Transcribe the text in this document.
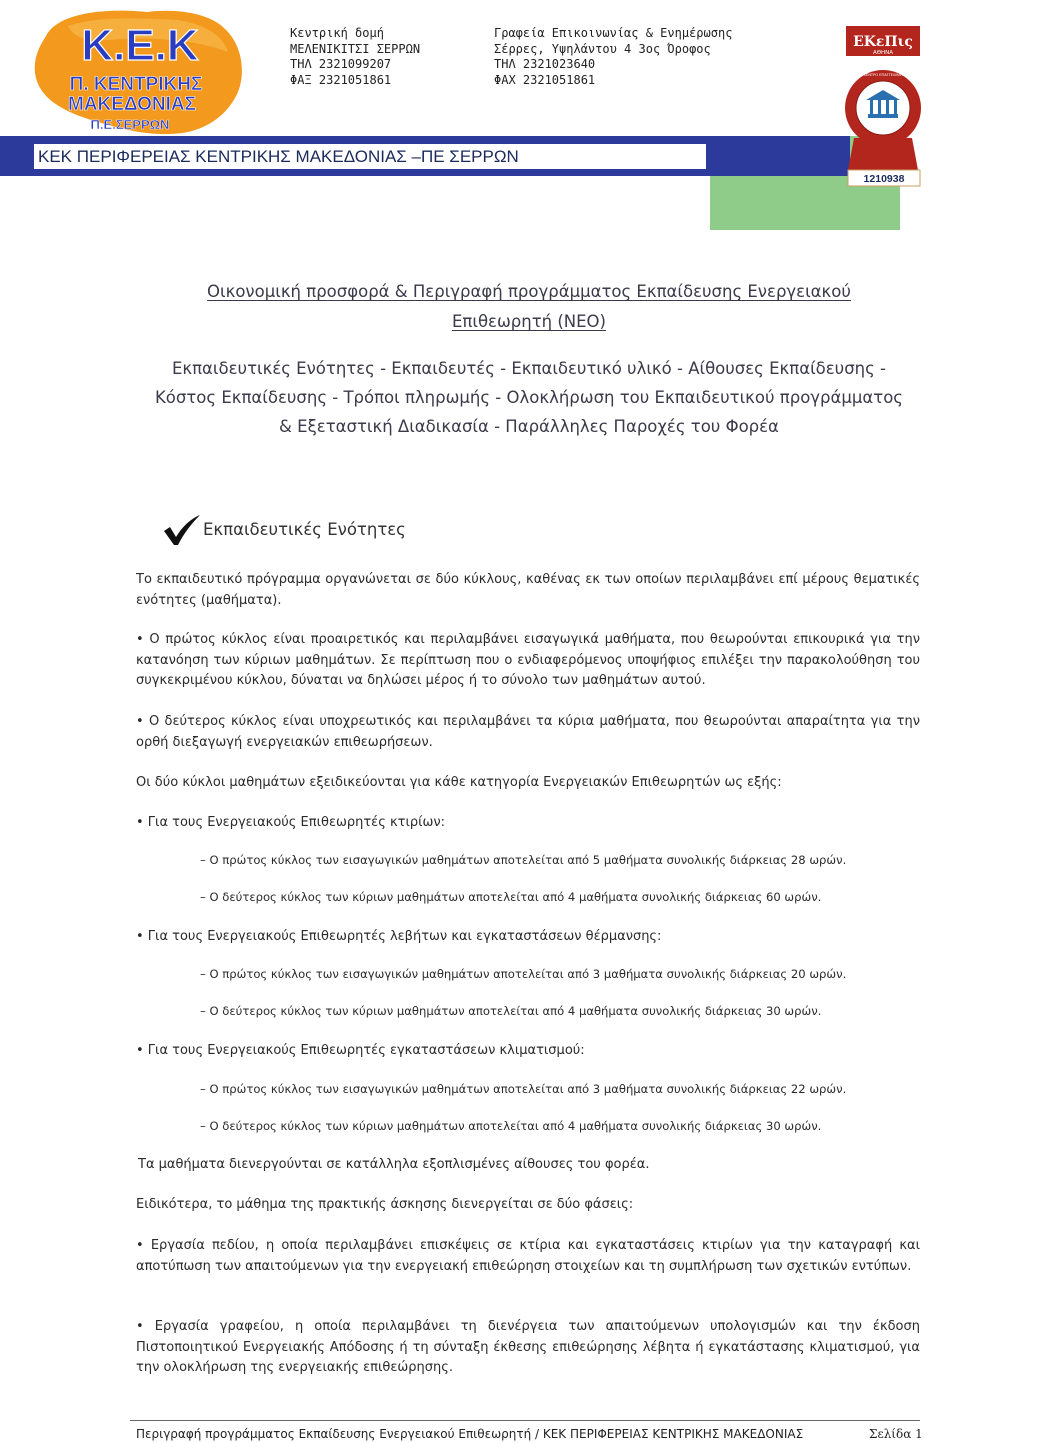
Κ.Ε.Κ
Π. ΚΕΝΤΡΙΚΗΣ
ΜΑΚΕΔΟΝΙΑΣ
Π.Ε.ΣΕΡΡΩΝ
Κεντρική δομή
ΜΕΛΕΝΙΚΙΤΣΙ ΣΕΡΡΩΝ
ΤΗΛ 2321099207
ΦΑΞ 2321051861
Γραφεία Επικοινωνίας & Ενημέρωσης
Σέρρες, Υψηλάντου 4 3ος Όροφος
ΤΗΛ 2321023640
ΦΑΧ 2321051861
ΚΕΚ ΠΕΡΙΦΕΡΕΙΑΣ ΚΕΝΤΡΙΚΗΣ ΜΑΚΕΔΟΝΙΑΣ –ΠΕ ΣΕΡΡΩΝ
ΕΚεΠις
ΑΘΗΝΑ
ΠΙΣΤΟΠΟΙΗΜΕΝΟ ΚΕΝΤΡΟ ΕΠΑΓΓΕΛΜΑΤΙΚΗΣ ΚΑΤΑΡΤΙΣΗΣ
1210938
Οικονομική προσφορά & Περιγραφή προγράμματος Εκπαίδευσης Ενεργειακού
Επιθεωρητή (ΝΕΟ)
Εκπαιδευτικές Ενότητες - Εκπαιδευτές - Εκπαιδευτικό υλικό - Αίθουσες Εκπαίδευσης -
Κόστος Εκπαίδευσης - Τρόποι πληρωμής - Ολοκλήρωση του Εκπαιδευτικού προγράμματος
& Εξεταστική Διαδικασία - Παράλληλες Παροχές του Φορέα
Εκπαιδευτικές Ενότητες

Το εκπαιδευτικό πρόγραμμα οργανώνεται σε δύο κύκλους, καθένας εκ των οποίων περιλαμβάνει επί μέρους θεματικές ενότητες (μαθήματα).

• Ο πρώτος κύκλος είναι προαιρετικός και περιλαμβάνει εισαγωγικά μαθήματα, που θεωρούνται επικουρικά για την κατανόηση των κύριων μαθημάτων. Σε περίπτωση που ο ενδιαφερόμενος υποψήφιος επιλέξει την παρακολούθηση του συγκεκριμένου κύκλου, δύναται να δηλώσει μέρος ή το σύνολο των μαθημάτων αυτού.

• Ο δεύτερος κύκλος είναι υποχρεωτικός και περιλαμβάνει τα κύρια μαθήματα, που θεωρούνται απαραίτητα για την ορθή διεξαγωγή ενεργειακών επιθεωρήσεων.

Οι δύο κύκλοι μαθημάτων εξειδικεύονται για κάθε κατηγορία Ενεργειακών Επιθεωρητών ως εξής:

• Για τους Ενεργειακούς Επιθεωρητές κτιρίων:
– Ο πρώτος κύκλος των εισαγωγικών μαθημάτων αποτελείται από 5 μαθήματα συνολικής διάρκειας 28 ωρών.
– Ο δεύτερος κύκλος των κύριων μαθημάτων αποτελείται από 4 μαθήματα συνολικής διάρκειας 60 ωρών.
• Για τους Ενεργειακούς Επιθεωρητές λεβήτων και εγκαταστάσεων θέρμανσης:
– Ο πρώτος κύκλος των εισαγωγικών μαθημάτων αποτελείται από 3 μαθήματα συνολικής διάρκειας 20 ωρών.
– Ο δεύτερος κύκλος των κύριων μαθημάτων αποτελείται από 4 μαθήματα συνολικής διάρκειας 30 ωρών.
• Για τους Ενεργειακούς Επιθεωρητές εγκαταστάσεων κλιματισμού:
– Ο πρώτος κύκλος των εισαγωγικών μαθημάτων αποτελείται από 3 μαθήματα συνολικής διάρκειας 22 ωρών.
– Ο δεύτερος κύκλος των κύριων μαθημάτων αποτελείται από 4 μαθήματα συνολικής διάρκειας 30 ωρών.
Τα μαθήματα διενεργούνται σε κατάλληλα εξοπλισμένες αίθουσες του φορέα.
Ειδικότερα, το μάθημα της πρακτικής άσκησης διενεργείται σε δύο φάσεις:

• Εργασία πεδίου, η οποία περιλαμβάνει επισκέψεις σε κτίρια και εγκαταστάσεις κτιρίων για την καταγραφή και αποτύπωση των απαιτούμενων για την ενεργειακή επιθεώρηση στοιχείων και τη συμπλήρωση των σχετικών εντύπων.

• Εργασία γραφείου, η οποία περιλαμβάνει τη διενέργεια των απαιτούμενων υπολογισμών και την έκδοση Πιστοποιητικού Ενεργειακής Απόδοσης ή τη σύνταξη έκθεσης επιθεώρησης λέβητα ή εγκατάστασης κλιματισμού, για την ολοκλήρωση της ενεργειακής επιθεώρησης.

Περιγραφή προγράμματος Εκπαίδευσης Ενεργειακού Επιθεωρητή / ΚΕΚ ΠΕΡΙΦΕΡΕΙΑΣ ΚΕΝΤΡΙΚΗΣ ΜΑΚΕΔΟΝΙΑΣ	Σελίδα 1
